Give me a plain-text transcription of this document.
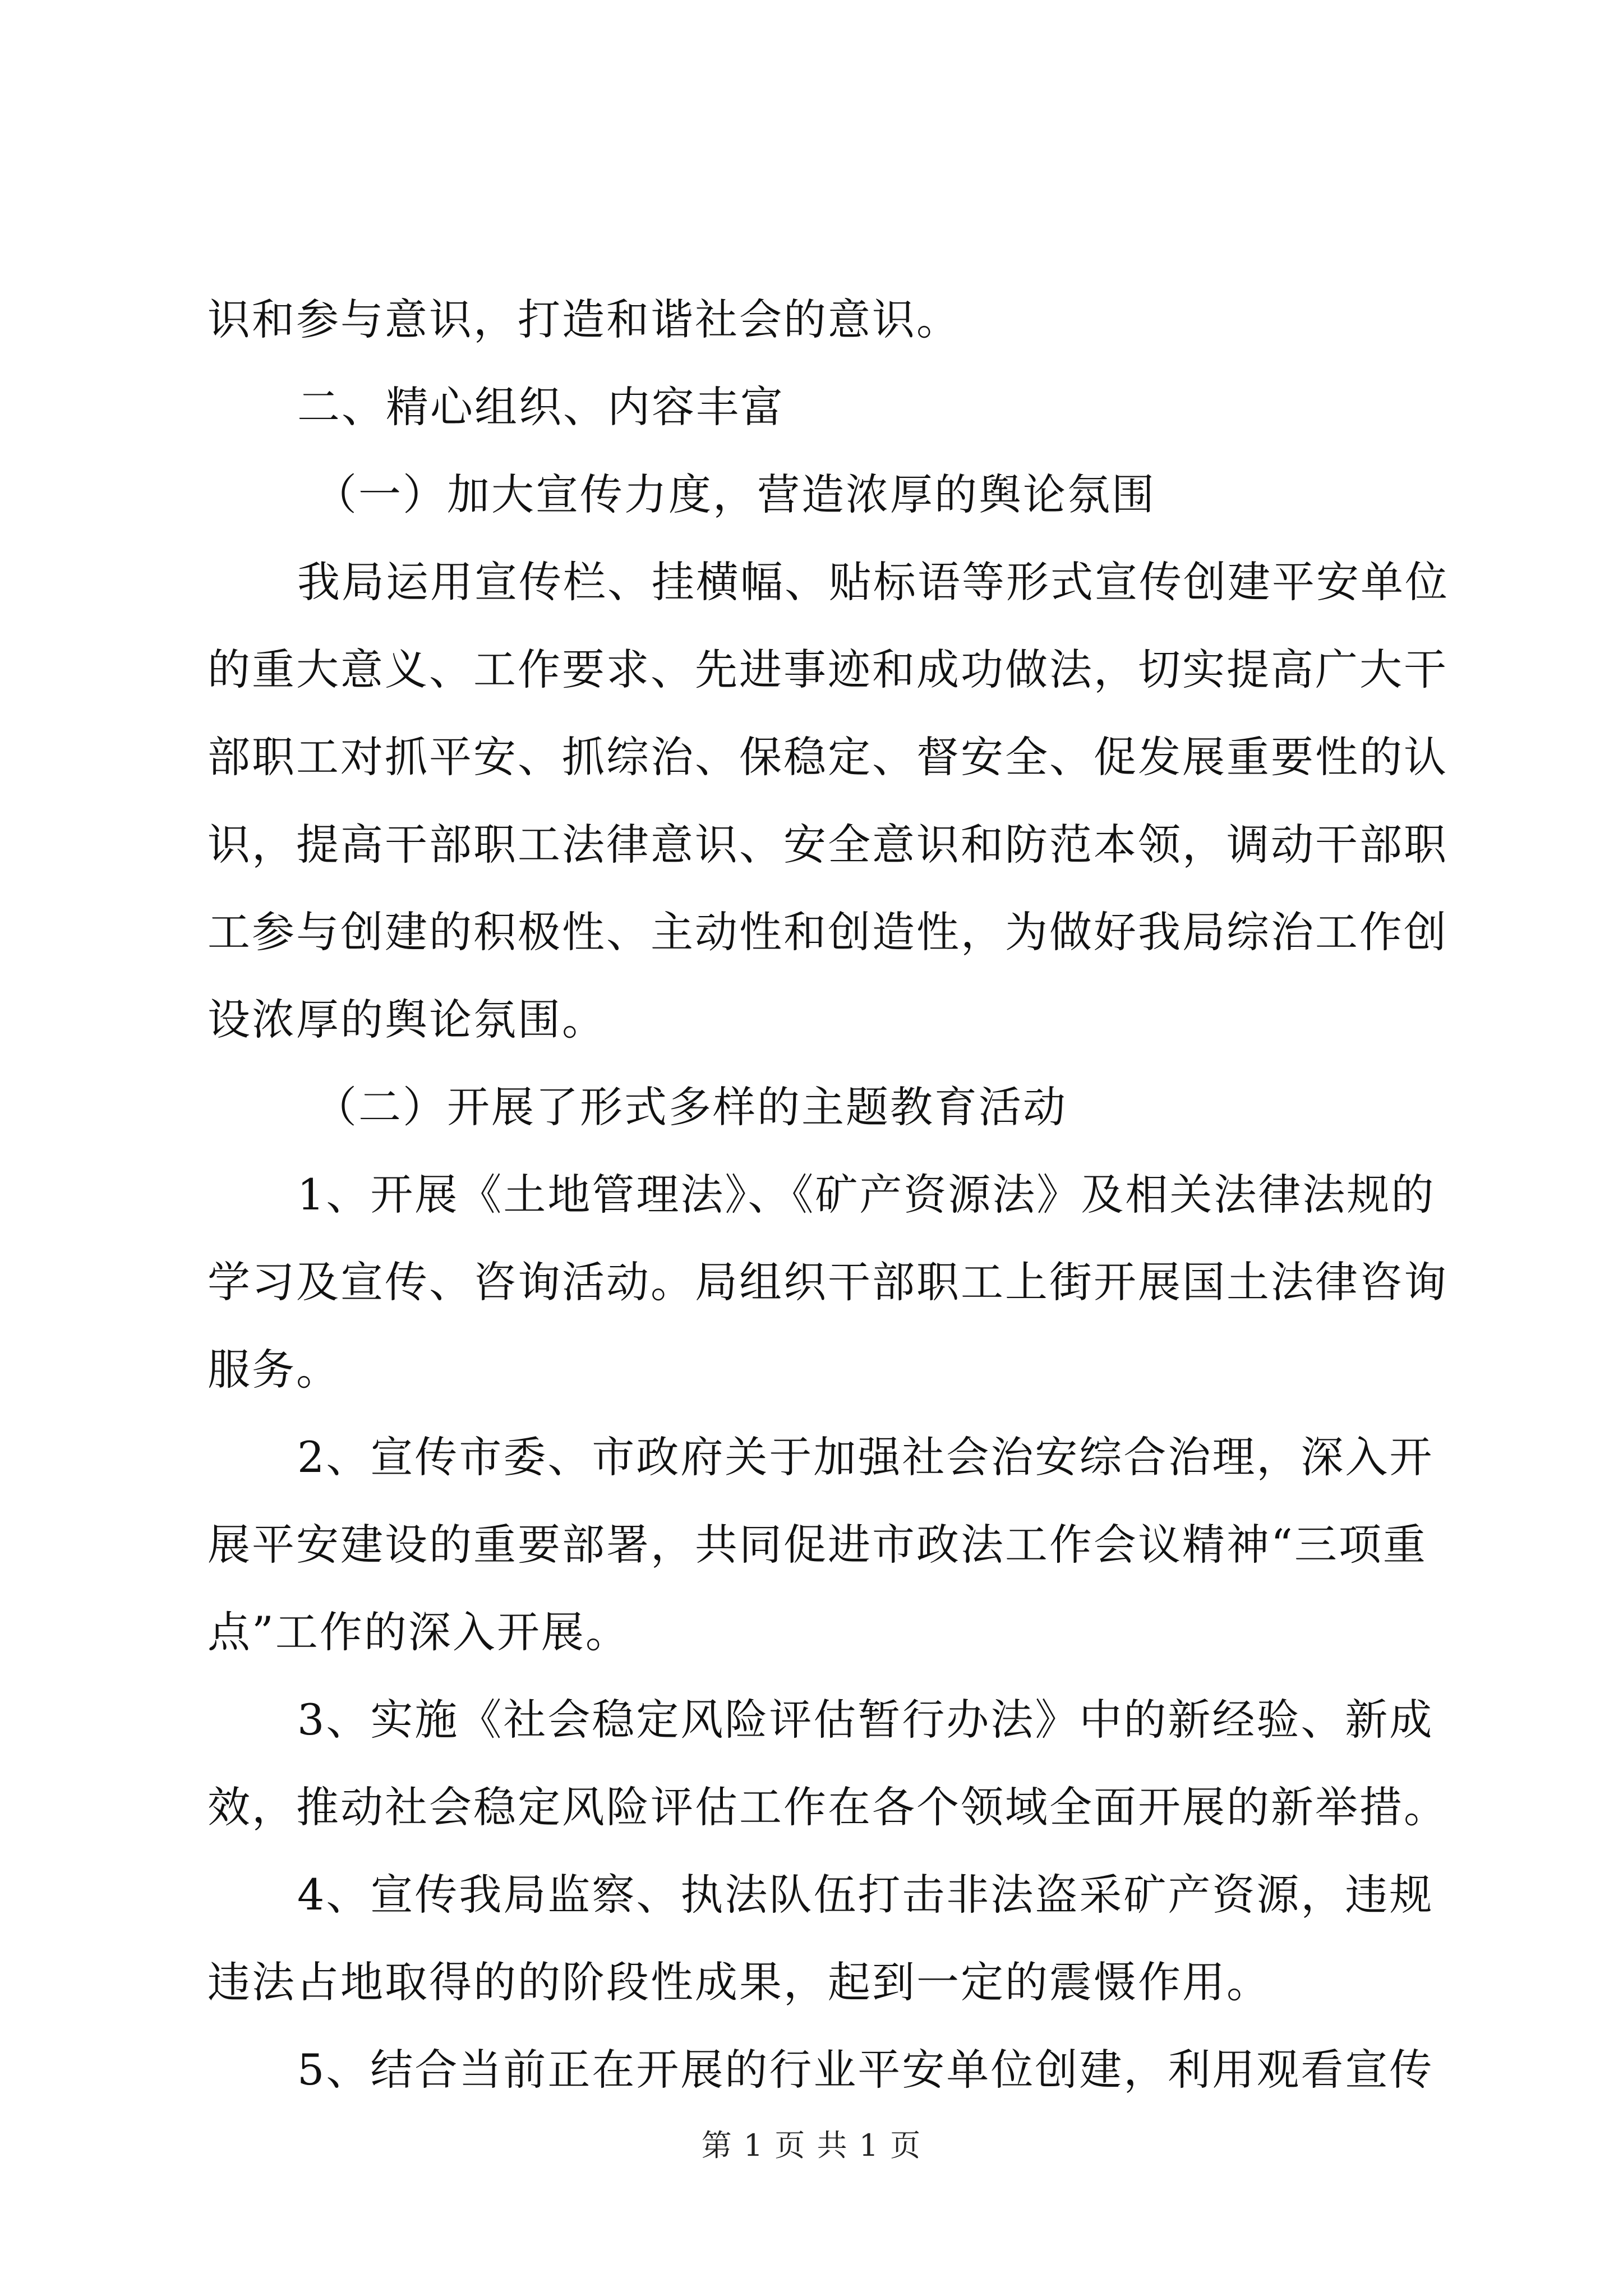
识和参与意识，打造和谐社会的意识。
二、精心组织、内容丰富
（一）加大宣传力度，营造浓厚的舆论氛围
我局运用宣传栏、挂横幅、贴标语等形式宣传创建平安单位
的重大意义、工作要求、先进事迹和成功做法，切实提高广大干
部职工对抓平安、抓综治、保稳定、督安全、促发展重要性的认
识，提高干部职工法律意识、安全意识和防范本领，调动干部职
工参与创建的积极性、主动性和创造性，为做好我局综治工作创
设浓厚的舆论氛围。
（二）开展了形式多样的主题教育活动
1、开展《土地管理法》、《矿产资源法》及相关法律法规的
学习及宣传、咨询活动。局组织干部职工上街开展国土法律咨询
服务。
2、宣传市委、市政府关于加强社会治安综合治理，深入开
展平安建设的重要部署，共同促进市政法工作会议精神“三项重
点”工作的深入开展。
3、实施《社会稳定风险评估暂行办法》中的新经验、新成
效，推动社会稳定风险评估工作在各个领域全面开展的新举措。
4、宣传我局监察、执法队伍打击非法盗采矿产资源，违规
违法占地取得的的阶段性成果，起到一定的震慑作用。
5、结合当前正在开展的行业平安单位创建，利用观看宣传
第 1 页 共 1 页
